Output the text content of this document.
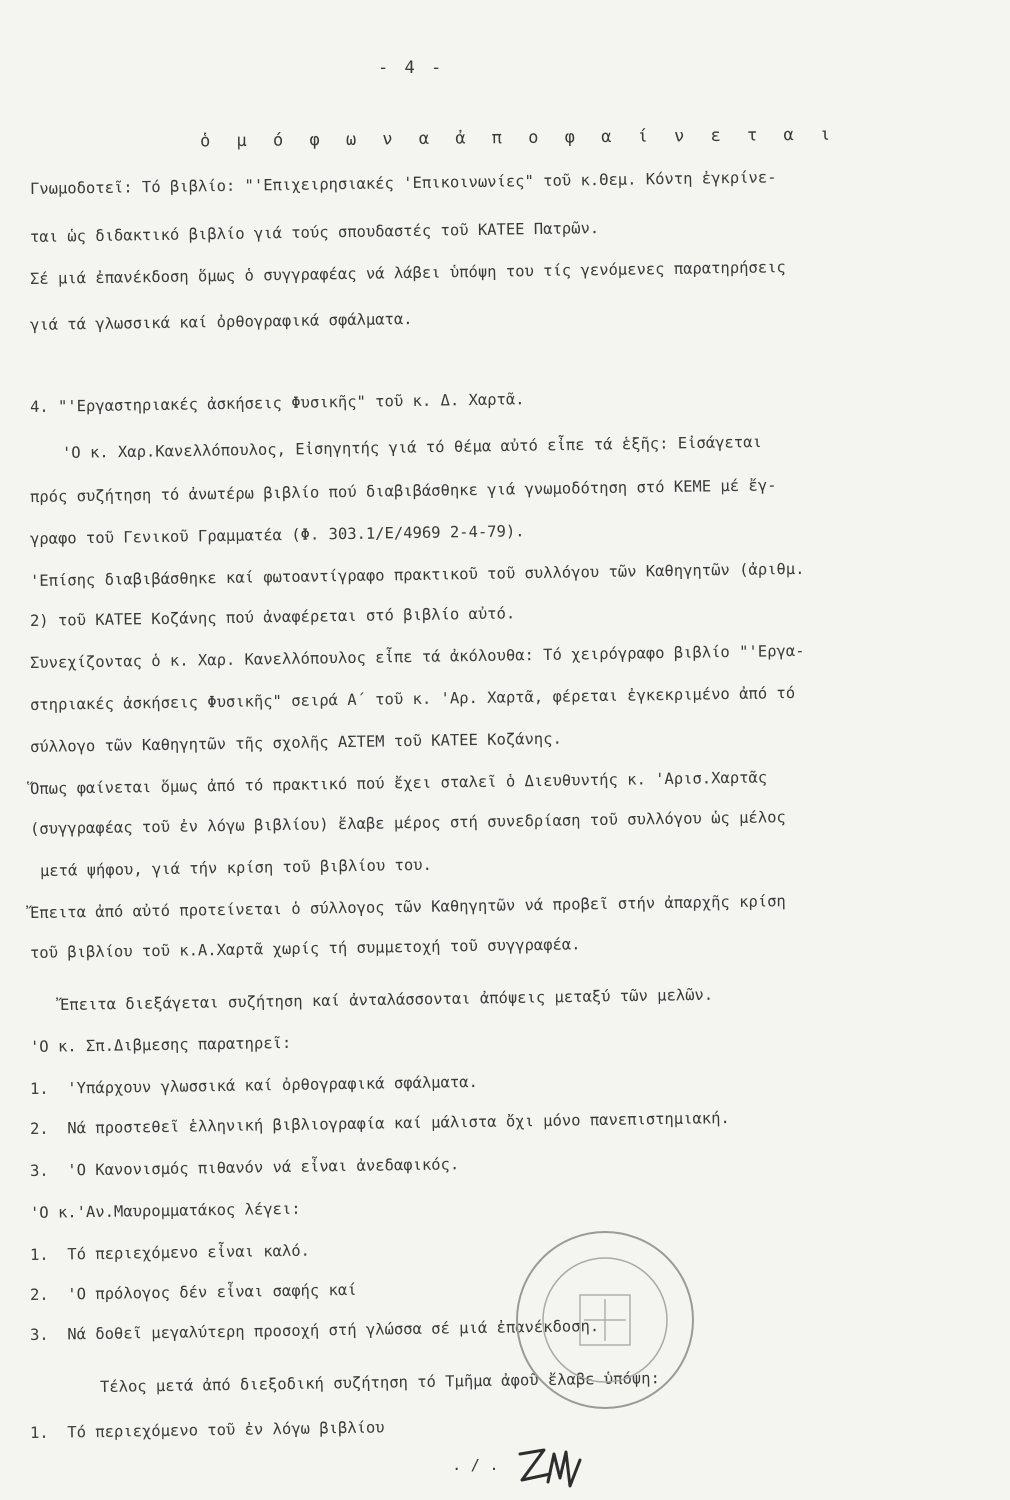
- 4 -
ὁ μ ό φ ω ν α ἀ π ο φ α ί ν ε τ α ι
Γνωμοδοτεῖ: Τό βιβλίο: "'Επιχειρησιακές 'Επικοινωνίες" τοῦ κ.Θεμ. Κόντη ἐγκρίνε-
ται ὡς διδακτικό βιβλίο γιά τούς σπουδαστές τοῦ ΚΑΤΕΕ Πατρῶν.
Σέ μιά ἐπανέκδοση ὅμως ὁ συγγραφέας νά λάβει ὑπόψη του τίς γενόμενες παρατηρήσεις
γιά τά γλωσσικά καί ὀρθογραφικά σφάλματα.
4. "'Εργαστηριακές ἀσκήσεις Φυσικῆς" τοῦ κ. Δ. Χαρτᾶ.
'Ο κ. Χαρ.Κανελλόπουλος, Εἰσηγητής γιά τό θέμα αὐτό εἶπε τά ἑξῆς: Εἰσάγεται
πρός συζήτηση τό ἀνωτέρω βιβλίο πού διαβιβάσθηκε γιά γνωμοδότηση στό ΚΕΜΕ μέ ἔγ-
γραφο τοῦ Γενικοῦ Γραμματέα (Φ. 303.1/Ε/4969 2-4-79).
'Επίσης διαβιβάσθηκε καί φωτοαντίγραφο πρακτικοῦ τοῦ συλλόγου τῶν Καθηγητῶν (ἀριθμ.
2) τοῦ ΚΑΤΕΕ Κοζάνης πού ἀναφέρεται στό βιβλίο αὐτό.
Συνεχίζοντας ὁ κ. Χαρ. Κανελλόπουλος εἶπε τά ἀκόλουθα: Τό χειρόγραφο βιβλίο "'Εργα-
στηριακές ἀσκήσεις Φυσικῆς" σειρά Α΄ τοῦ κ. 'Αρ. Χαρτᾶ, φέρεται ἐγκεκριμένο ἀπό τό
σύλλογο τῶν Καθηγητῶν τῆς σχολῆς ΑΣΤΕΜ τοῦ ΚΑΤΕΕ Κοζάνης.
Ὅπως φαίνεται ὅμως ἀπό τό πρακτικό πού ἔχει σταλεῖ ὁ Διευθυντής κ. 'Αρισ.Χαρτᾶς
(συγγραφέας τοῦ ἐν λόγω βιβλίου) ἔλαβε μέρος στή συνεδρίαση τοῦ συλλόγου ὡς μέλος
μετά ψήφου, γιά τήν κρίση τοῦ βιβλίου του.
Ἔπειτα ἀπό αὐτό προτείνεται ὁ σύλλογος τῶν Καθηγητῶν νά προβεῖ στήν ἀπαρχῆς κρίση
τοῦ βιβλίου τοῦ κ.Α.Χαρτᾶ χωρίς τή συμμετοχή τοῦ συγγραφέα.
Ἔπειτα διεξάγεται συζήτηση καί ἀνταλάσσονται ἀπόψεις μεταξύ τῶν μελῶν.
'Ο κ. Σπ.Διβμεσης παρατηρεῖ:
1.  'Υπάρχουν γλωσσικά καί ὀρθογραφικά σφάλματα.
2.  Νά προστεθεῖ ἑλληνική βιβλιογραφία καί μάλιστα ὄχι μόνο πανεπιστημιακή.
3.  'Ο Κανονισμός πιθανόν νά εἶναι ἀνεδαφικός.
'Ο κ.'Αν.Μαυρομματάκος λέγει:
1.  Τό περιεχόμενο εἶναι καλό.
2.  'Ο πρόλογος δέν εἶναι σαφής καί
3.  Νά δοθεῖ μεγαλύτερη προσοχή στή γλώσσα σέ μιά ἐπανέκδοση.
Τέλος μετά ἀπό διεξοδική συζήτηση τό Τμῆμα ἀφοῦ ἔλαβε ὑπόψη:
1.  Τό περιεχόμενο τοῦ ἐν λόγω βιβλίου
. / .
